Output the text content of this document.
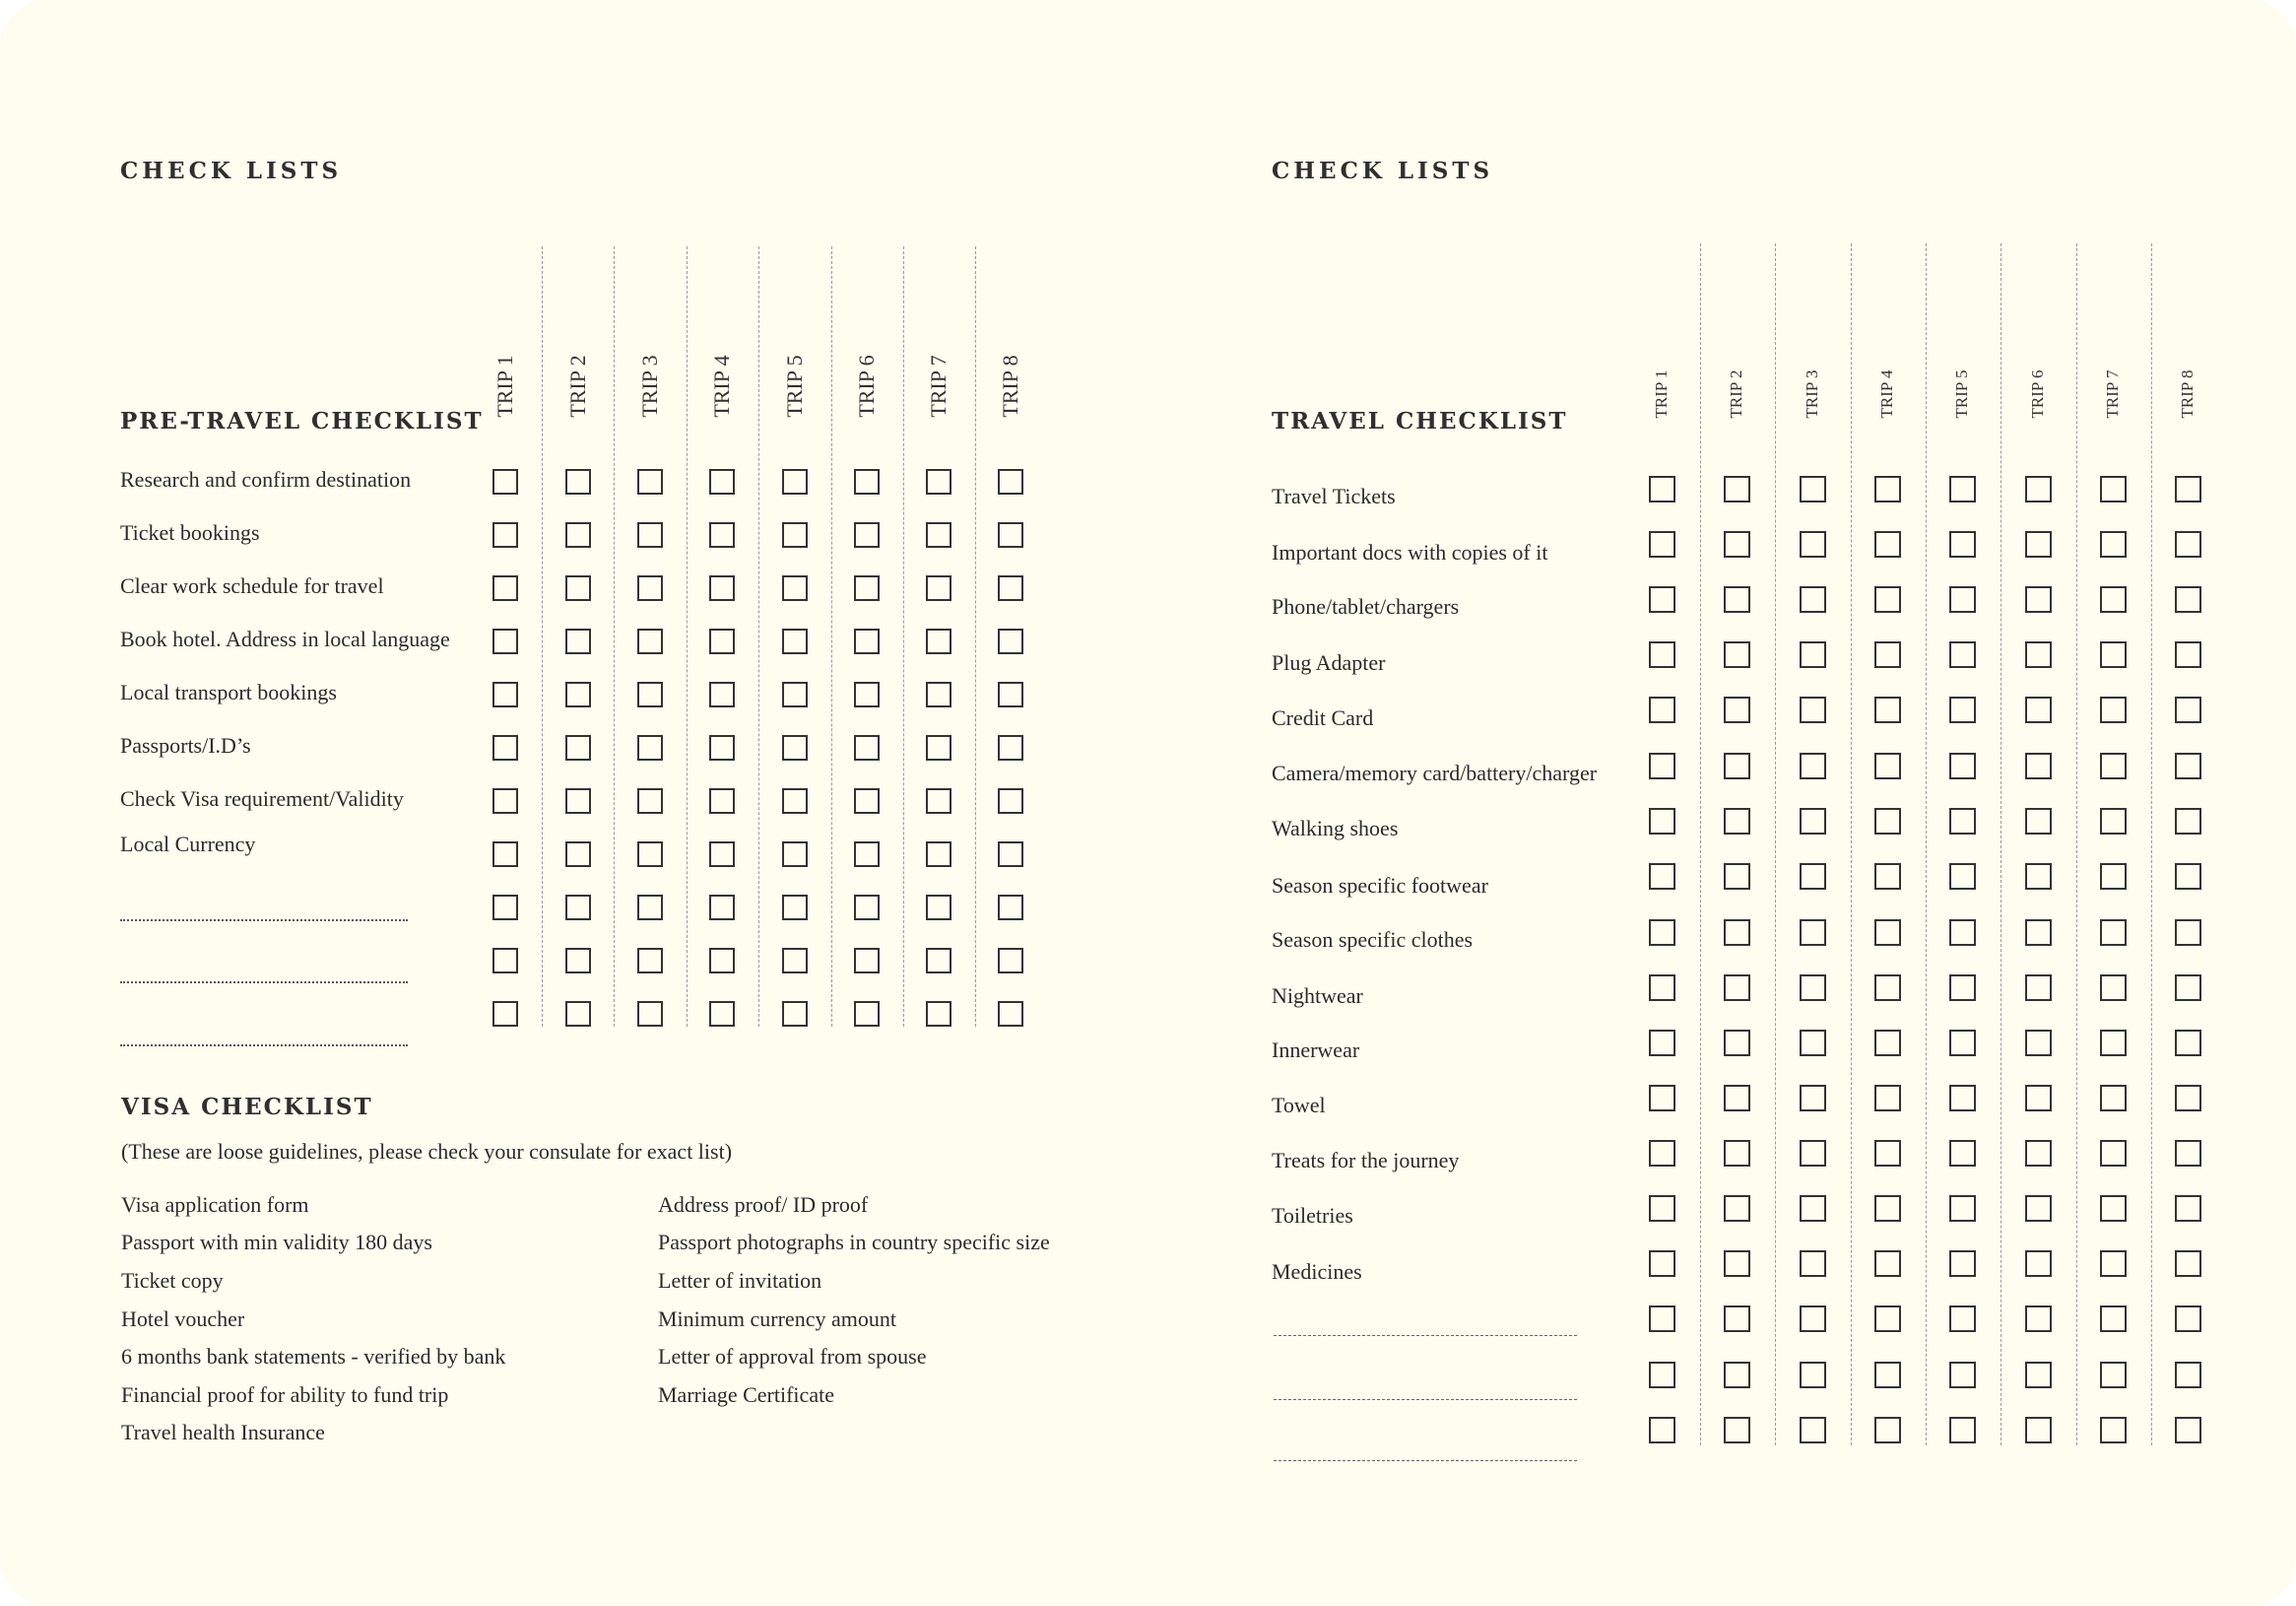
CHECK LISTS
PRE-TRAVEL CHECKLIST
TRIP 1 TRIP 2 TRIP 3 TRIP 4 TRIP 5 TRIP 6 TRIP 7 TRIP 8
Research and confirm destination
Ticket bookings
Clear work schedule for travel
Book hotel. Address in local language
Local transport bookings
Passports/I.D’s
Check Visa requirement/Validity
Local Currency
VISA CHECKLIST
(These are loose guidelines, please check your consulate for exact list)
Visa application form
Passport with min validity 180 days
Ticket copy
Hotel voucher
6 months bank statements - verified by bank
Financial proof for ability to fund trip
Travel health Insurance
Address proof/ ID proof
Passport photographs in country specific size
Letter of invitation
Minimum currency amount
Letter of approval from spouse
Marriage Certificate
CHECK LISTS
TRAVEL CHECKLIST
TRIP 1	TRIP 2	TRIP 3	TRIP 4	TRIP 5	TRIP 6	TRIP 7	TRIP 8
Travel Tickets
Important docs with copies of it
Phone/tablet/chargers
Plug Adapter
Credit Card
Camera/memory card/battery/charger
Walking shoes
Season specific footwear
Season specific clothes
Nightwear
Innerwear
Towel
Treats for the journey
Toiletries
Medicines
